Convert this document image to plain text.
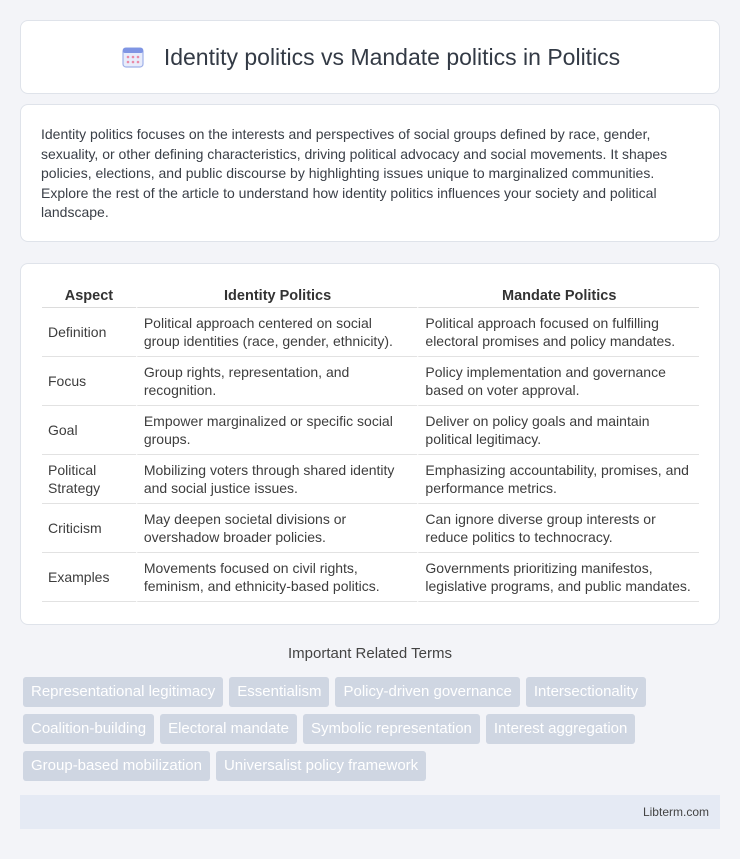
Identity politics vs Mandate politics in Politics

Identity politics focuses on the interests and perspectives of social groups defined by race, gender, sexuality, or other defining characteristics, driving political advocacy and social movements. It shapes policies, elections, and public discourse by highlighting issues unique to marginalized communities. Explore the rest of the article to understand how identity politics influences your society and political landscape.

Aspect	Identity Politics	Mandate Politics
Definition	Political approach centered on social group identities (race, gender, ethnicity).	Political approach focused on fulfilling electoral promises and policy mandates.
Focus	Group rights, representation, and recognition.	Policy implementation and governance based on voter approval.
Goal	Empower marginalized or specific social groups.	Deliver on policy goals and maintain political legitimacy.
Political Strategy	Mobilizing voters through shared identity and social justice issues.	Emphasizing accountability, promises, and performance metrics.
Criticism	May deepen societal divisions or overshadow broader policies.	Can ignore diverse group interests or reduce politics to technocracy.
Examples	Movements focused on civil rights, feminism, and ethnicity-based politics.	Governments prioritizing manifestos, legislative programs, and public mandates.
Important Related Terms
Representational legitimacy	Essentialism	Policy-driven governance	Intersectionality
Coalition-building	Electoral mandate	Symbolic representation	Interest aggregation
Group-based mobilization	Universalist policy framework
Libterm.com
